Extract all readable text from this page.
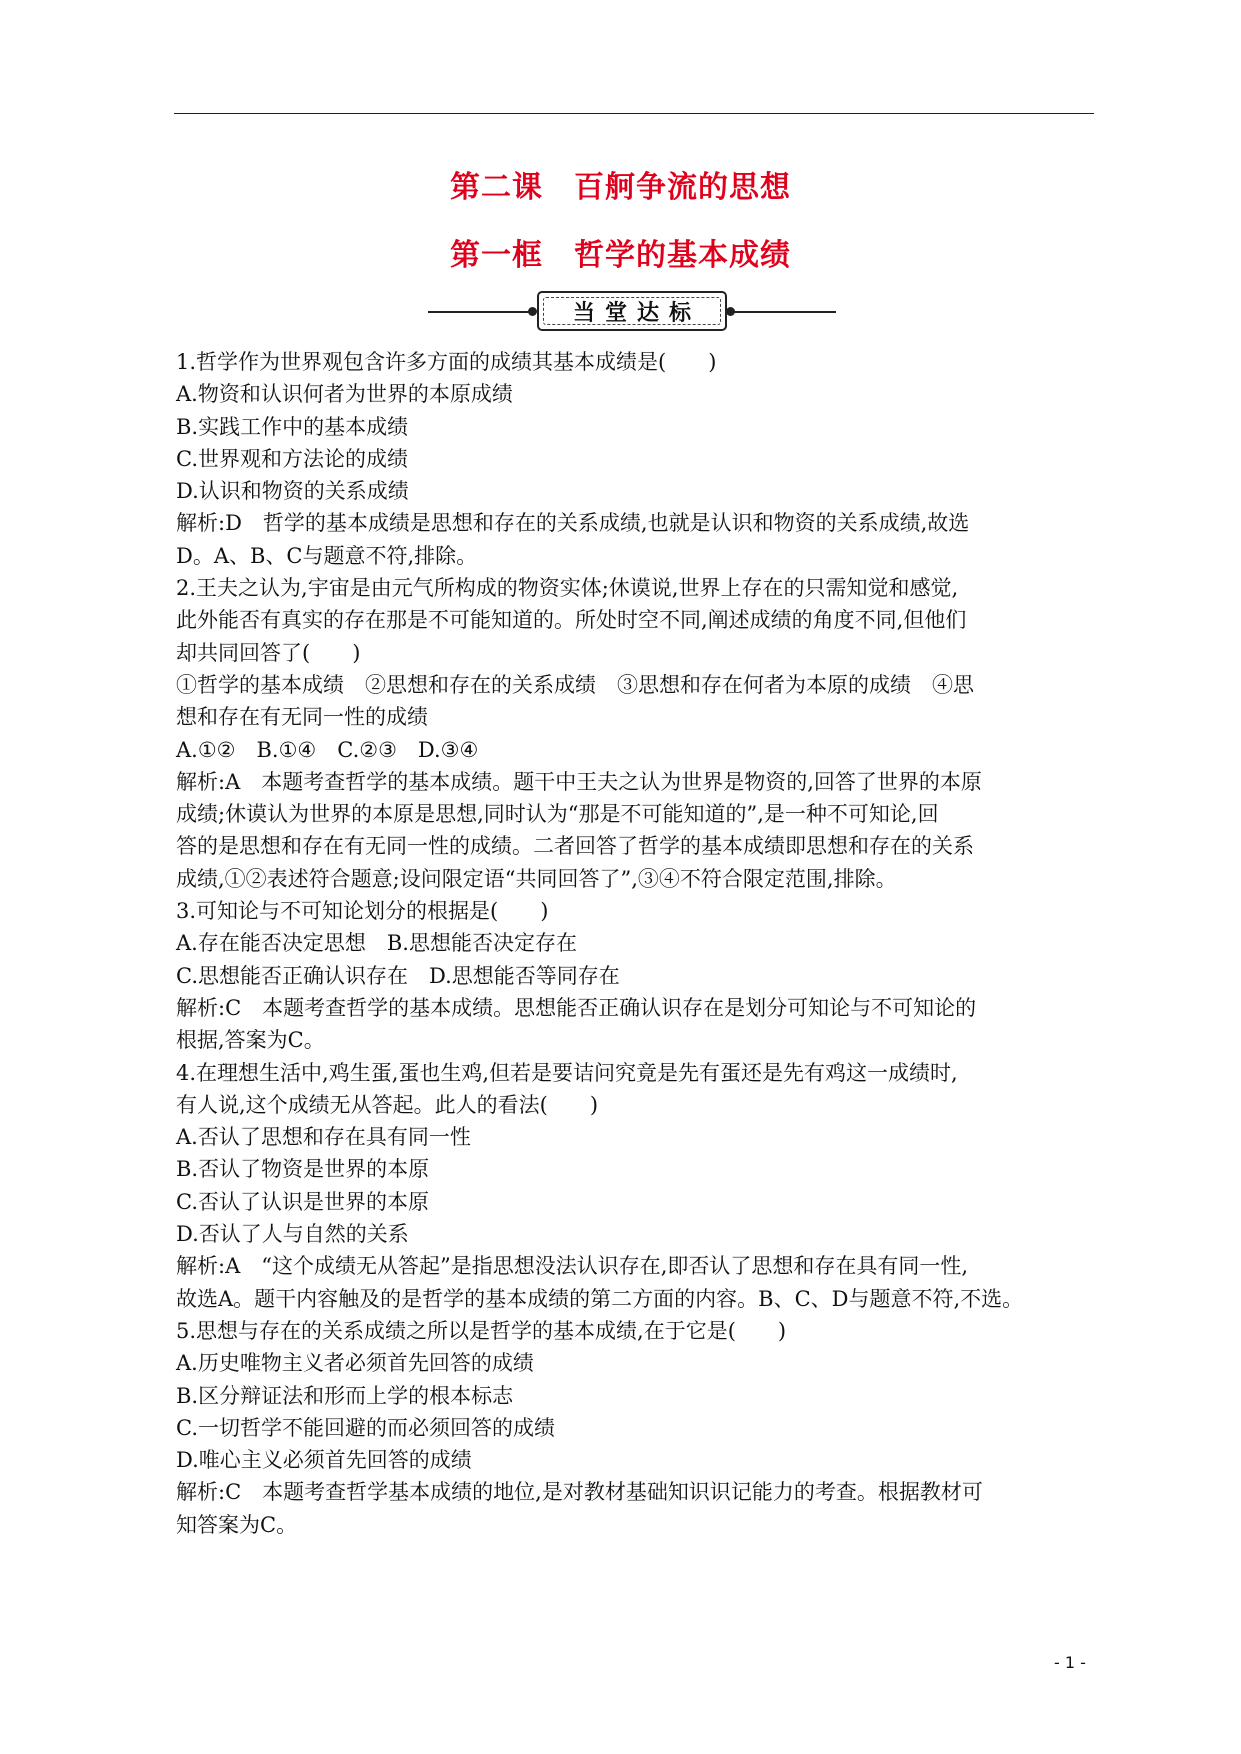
第二课　百舸争流的思想
第一框　哲学的基本成绩
当堂达标

1.哲学作为世界观包含许多方面的成绩其基本成绩是(　　)

A.物资和认识何者为世界的本原成绩

B.实践工作中的基本成绩

C.世界观和方法论的成绩

D.认识和物资的关系成绩

解析:D　哲学的基本成绩是思想和存在的关系成绩,也就是认识和物资的关系成绩,故选

D。A、B、C与题意不符,排除。

2.王夫之认为,宇宙是由元气所构成的物资实体;休谟说,世界上存在的只需知觉和感觉,

此外能否有真实的存在那是不可能知道的。所处时空不同,阐述成绩的角度不同,但他们

却共同回答了(　　)

①哲学的基本成绩　②思想和存在的关系成绩　③思想和存在何者为本原的成绩　④思

想和存在有无同一性的成绩

A.①②　B.①④　C.②③　D.③④

解析:A　本题考查哲学的基本成绩。题干中王夫之认为世界是物资的,回答了世界的本原

成绩;休谟认为世界的本原是思想,同时认为“那是不可能知道的”,是一种不可知论,回

答的是思想和存在有无同一性的成绩。二者回答了哲学的基本成绩即思想和存在的关系

成绩,①②表述符合题意;设问限定语“共同回答了”,③④不符合限定范围,排除。

3.可知论与不可知论划分的根据是(　　)

A.存在能否决定思想　B.思想能否决定存在

C.思想能否正确认识存在　D.思想能否等同存在

解析:C　本题考查哲学的基本成绩。思想能否正确认识存在是划分可知论与不可知论的

根据,答案为C。

4.在理想生活中,鸡生蛋,蛋也生鸡,但若是要诘问究竟是先有蛋还是先有鸡这一成绩时,

有人说,这个成绩无从答起。此人的看法(　　)

A.否认了思想和存在具有同一性

B.否认了物资是世界的本原

C.否认了认识是世界的本原

D.否认了人与自然的关系

解析:A　“这个成绩无从答起”是指思想没法认识存在,即否认了思想和存在具有同一性,

故选A。题干内容触及的是哲学的基本成绩的第二方面的内容。B、C、D与题意不符,不选。

5.思想与存在的关系成绩之所以是哲学的基本成绩,在于它是(　　)

A.历史唯物主义者必须首先回答的成绩

B.区分辩证法和形而上学的根本标志

C.一切哲学不能回避的而必须回答的成绩

D.唯心主义必须首先回答的成绩

解析:C　本题考查哲学基本成绩的地位,是对教材基础知识识记能力的考查。根据教材可

知答案为C。

- 1 -
